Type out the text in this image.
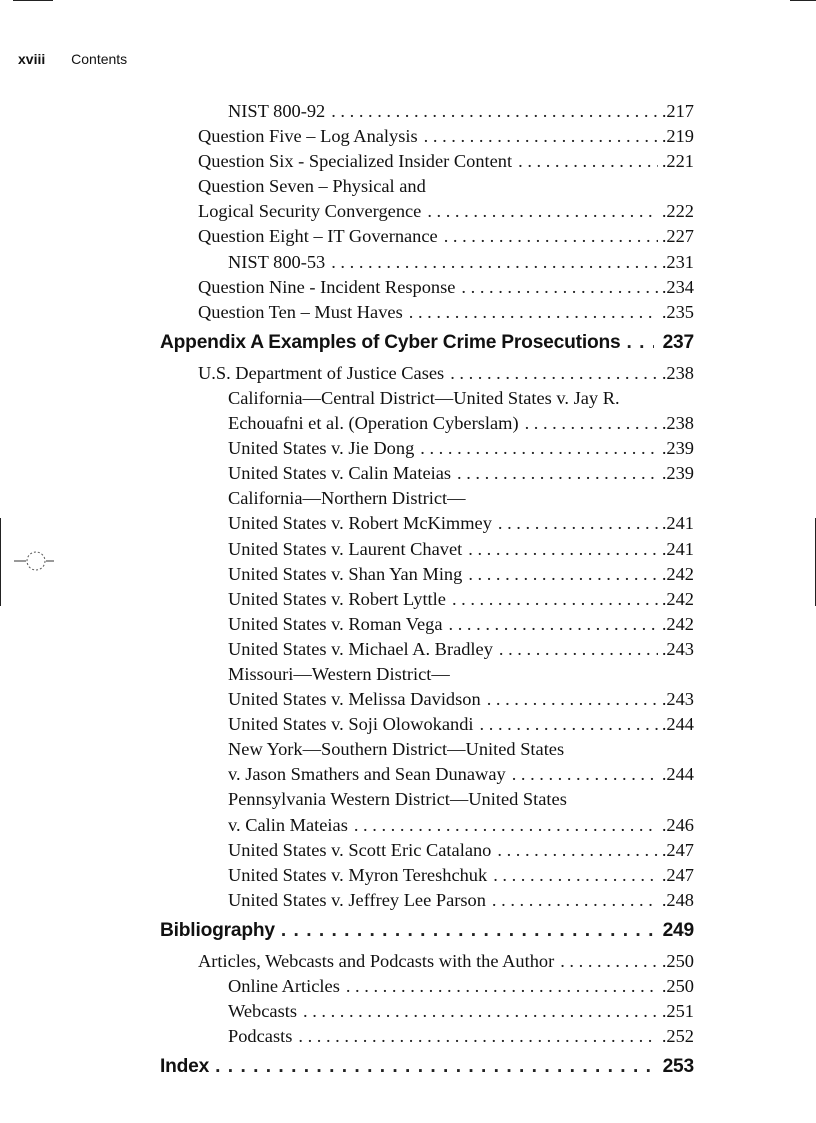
xviii Contents
NIST 800-92 . . .	.217
Question Five – Log Analysis . . .	.219
Question Six - Specialized Insider Content . . .	.221
Question Seven – Physical and
Logical Security Convergence . . .	.222
Question Eight – IT Governance . . .	.227
NIST 800-53 . . .	.231
Question Nine - Incident Response . . .	.234
Question Ten – Must Haves . . .	.235
Appendix A Examples of Cyber Crime Prosecutions . . .	237
U.S. Department of Justice Cases . . .	.238
California—Central District—United States v. Jay R.
Echouafni et al. (Operation Cyberslam) . . .	.238
United States v. Jie Dong . . .	.239
United States v. Calin Mateias . . .	.239
California—Northern District—
United States v. Robert McKimmey . . .	.241
United States v. Laurent Chavet . . .	.241
United States v. Shan Yan Ming . . .	.242
United States v. Robert Lyttle . . .	.242
United States v. Roman Vega . . .	.242
United States v. Michael A. Bradley . . .	.243
Missouri—Western District—
United States v. Melissa Davidson . . .	.243
United States v. Soji Olowokandi . . .	.244
New York—Southern District—United States
v. Jason Smathers and Sean Dunaway . . .	.244
Pennsylvania Western District—United States
v. Calin Mateias . . .	.246
United States v. Scott Eric Catalano . . .	.247
United States v. Myron Tereshchuk . . .	.247
United States v. Jeffrey Lee Parson . . .	.248
Bibliography . . .	249
Articles, Webcasts and Podcasts with the Author . . .	.250
Online Articles . . .	.250
Webcasts . . .	.251
Podcasts . . .	.252
Index . . .	253
